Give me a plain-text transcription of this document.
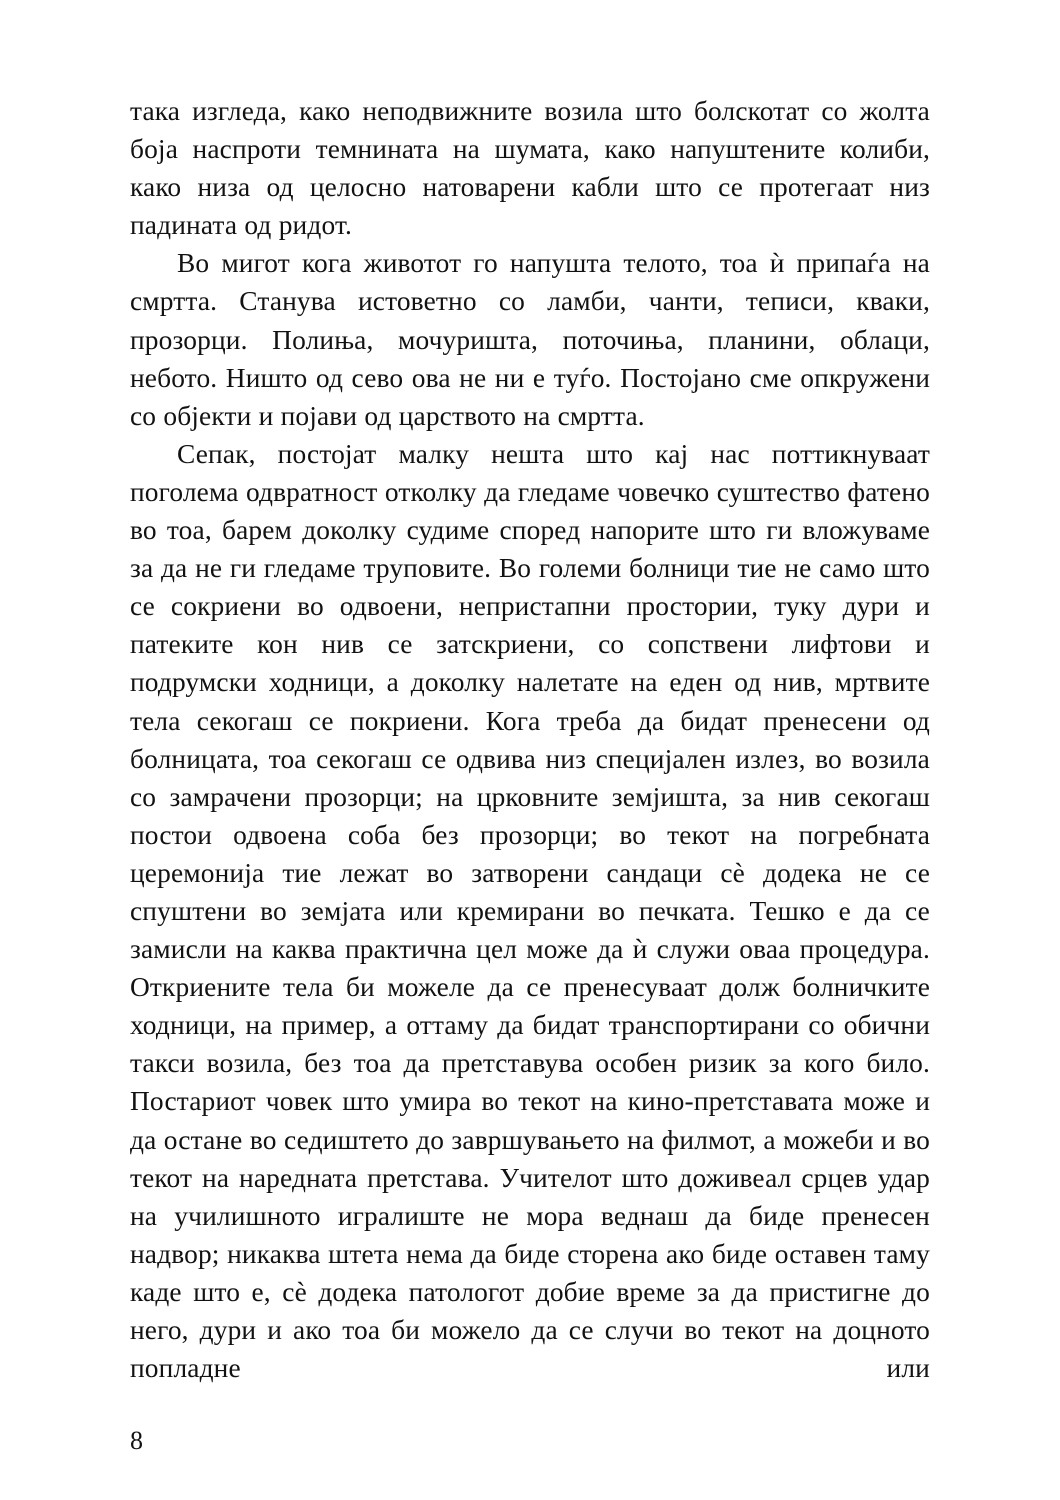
така изгледа, како неподвижните возила што болскотат со жолта боја наспроти темнината на шумата, како напуштените колиби, како низа од целосно натоварени кабли што се протегаат низ падината од ридот.

Во мигот кога животот го напушта телото, тоа ѝ припаѓа на смртта. Станува истоветно со ламби, чанти, теписи, кваки, прозорци. Полиња, мочуришта, поточиња, планини, облаци, небото. Ништо од сево ова не ни е туѓо. Постојано сме опкружени со објекти и појави од царството на смртта.

Сепак, постојат малку нешта што кај нас поттикнуваат поголема одвратност отколку да гледаме човечко суштество фатено во тоа, барем доколку судиме според напорите што ги вложуваме за да не ги гледаме труповите. Во големи болници тие не само што се сокриени во одвоени, непристапни простории, туку дури и патеките кон нив се затскриени, со сопствени лифтови и подрумски ходници, а доколку налетате на еден од нив, мртвите тела секогаш се покриени. Кога треба да бидат пренесени од болницата, тоа секогаш се одвива низ специјален излез, во возила со замрачени прозорци; на црковните земјишта, за нив секогаш постои одвоена соба без прозорци; во текот на погребната церемонија тие лежат во затворени сандаци сѐ додека не се спуштени во земјата или кремирани во печката. Тешко е да се замисли на каква практична цел може да ѝ служи оваа процедура. Откриените тела би можеле да се пренесуваат долж болничките ходници, на пример, а оттаму да бидат транспортирани со обични такси возила, без тоа да претставува особен ризик за кого било. Постариот човек што умира во текот на кино-претставата може и да остане во седиштето до завршувањето на филмот, а можеби и во текот на наредната претстава. Учителот што доживеал срцев удар на училишното игралиште не мора веднаш да биде пренесен надвор; никаква штета нема да биде сторена ако биде оставен таму каде што е, сѐ додека патологот добие време за да пристигне до него, дури и ако тоа би можело да се случи во текот на доцното попладне или

8
